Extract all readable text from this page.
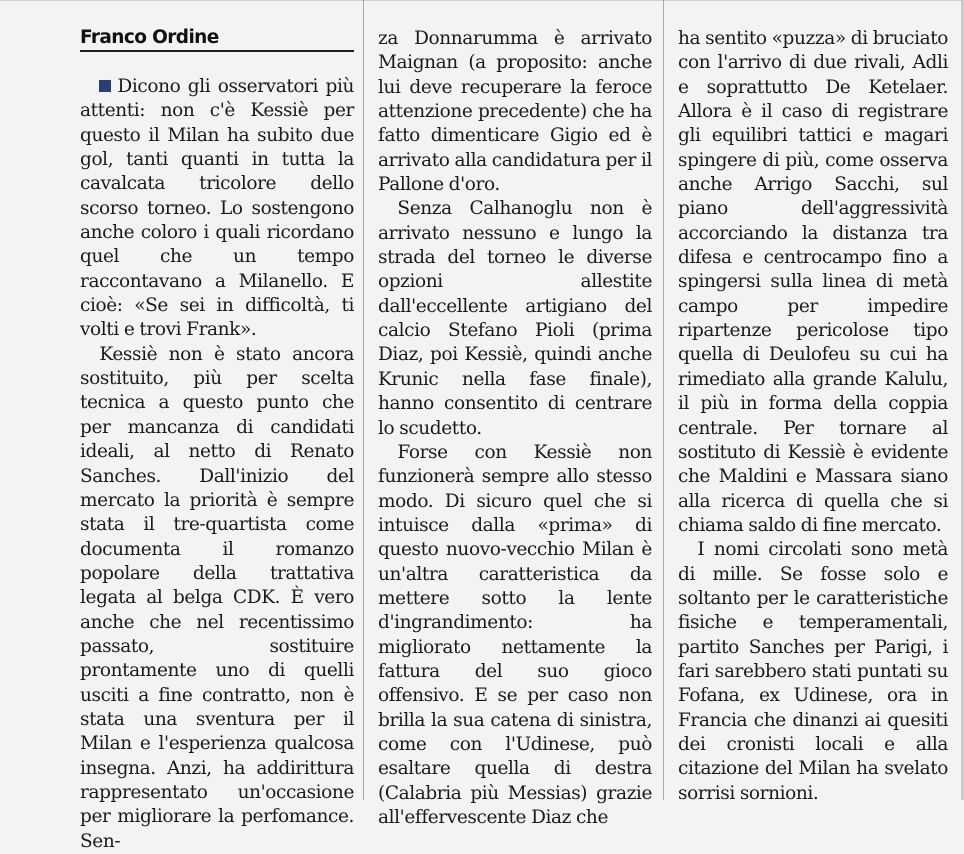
Franco Ordine

Dicono gli osservatori più attenti: non c'è Kessiè per questo il Milan ha subito due gol, tanti quanti in tutta la cavalcata tricolore dello scorso torneo. Lo sostengono anche coloro i quali ricordano quel che un tempo raccontavano a Milanello. E cioè: «Se sei in difficoltà, ti volti e trovi Frank».

Kessiè non è stato ancora sostituito, più per scelta tecnica a questo punto che per mancanza di candidati ideali, al netto di Renato Sanches. Dall'inizio del mercato la priorità è sempre stata il tre-quartista come documenta il romanzo popolare della trattativa legata al belga CDK. È vero anche che nel recentissimo passato, sostituire prontamente uno di quelli usciti a fine contratto, non è stata una sventura per il Milan e l'esperienza qualcosa insegna. Anzi, ha addirittura rappresentato un'occasione per migliorare la perfomance. Sen-

za Donnarumma è arrivato Maignan (a proposito: anche lui deve recuperare la feroce attenzione precedente) che ha fatto dimenticare Gigio ed è arrivato alla candidatura per il Pallone d'oro.

Senza Calhanoglu non è arrivato nessuno e lungo la strada del torneo le diverse opzioni allestite dall'eccellente artigiano del calcio Stefano Pioli (prima Diaz, poi Kessiè, quindi anche Krunic nella fase finale), hanno consentito di centrare lo scudetto.

Forse con Kessiè non funzionerà sempre allo stesso modo. Di sicuro quel che si intuisce dalla «prima» di questo nuovo-vecchio Milan è un'altra caratteristica da mettere sotto la lente d'ingrandimento: ha migliorato nettamente la fattura del suo gioco offensivo. E se per caso non brilla la sua catena di sinistra, come con l'Udinese, può esaltare quella di destra (Calabria più Messias) grazie all'effervescente Diaz che

ha sentito «puzza» di bruciato con l'arrivo di due rivali, Adli e soprattutto De Ketelaer. Allora è il caso di registrare gli equilibri tattici e magari spingere di più, come osserva anche Arrigo Sacchi, sul piano dell'aggressività accorciando la distanza tra difesa e centrocampo fino a spingersi sulla linea di metà campo per impedire ripartenze pericolose tipo quella di Deulofeu su cui ha rimediato alla grande Kalulu, il più in forma della coppia centrale. Per tornare al sostituto di Kessiè è evidente che Maldini e Massara siano alla ricerca di quella che si chiama saldo di fine mercato.

I nomi circolati sono metà di mille. Se fosse solo e soltanto per le caratteristiche fisiche e temperamentali, partito Sanches per Parigi, i fari sarebbero stati puntati su Fofana, ex Udinese, ora in Francia che dinanzi ai quesiti dei cronisti locali e alla citazione del Milan ha svelato sorrisi sornioni.
